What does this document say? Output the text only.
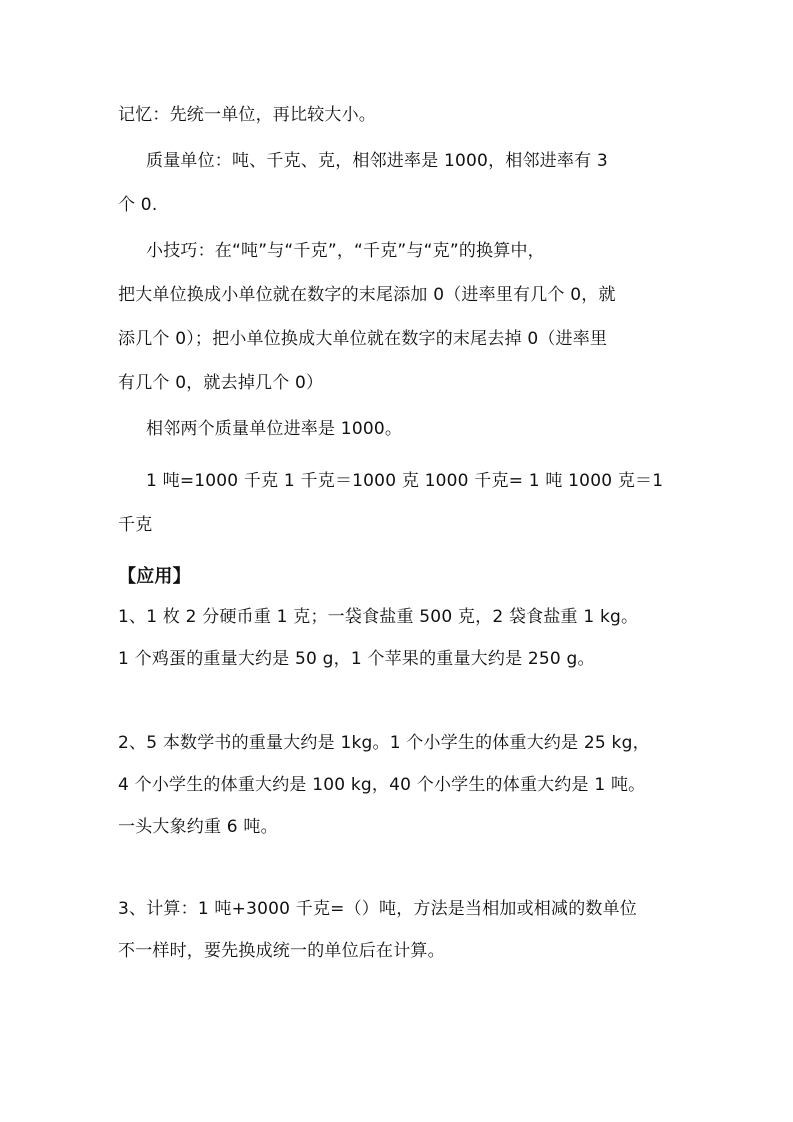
记忆：先统一单位，再比较大小。
质量单位：吨、千克、克，相邻进率是 1000，相邻进率有 3
个 0.
小技巧：在“吨”与“千克”，“千克”与“克”的换算中，
把大单位换成小单位就在数字的末尾添加 0（进率里有几个 0，就
添几个 0）；把小单位换成大单位就在数字的末尾去掉 0（进率里
有几个 0，就去掉几个 0）
相邻两个质量单位进率是 1000。
1 吨=1000 千克 1 千克＝1000 克 1000 千克= 1 吨 1000 克＝1
千克
【应用】
1、1 枚 2 分硬币重 1 克；一袋食盐重 500 克，2 袋食盐重 1 kg。
1 个鸡蛋的重量大约是 50 g，1 个苹果的重量大约是 250 g。
2、5 本数学书的重量大约是 1kg。1 个小学生的体重大约是 25 kg，
4 个小学生的体重大约是 100 kg，40 个小学生的体重大约是 1 吨。
一头大象约重 6 吨。
3、计算：1 吨+3000 千克=（）吨，方法是当相加或相减的数单位
不一样时，要先换成统一的单位后在计算。
